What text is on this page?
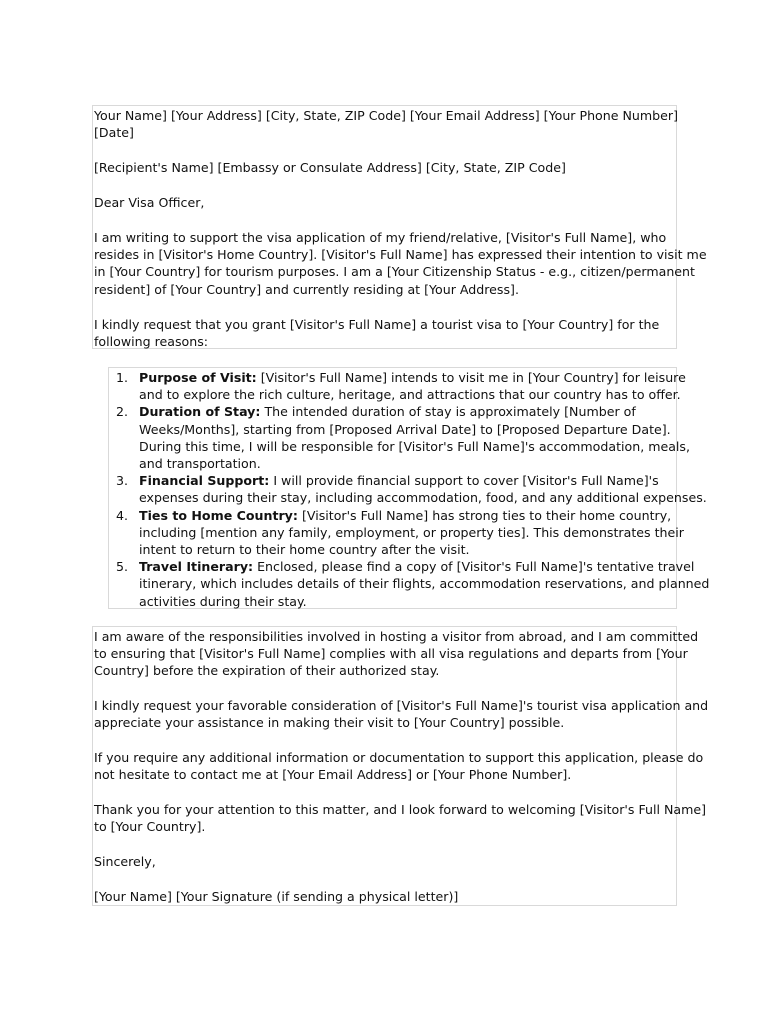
Your Name] [Your Address] [City, State, ZIP Code] [Your Email Address] [Your Phone Number]
[Date]

[Recipient's Name] [Embassy or Consulate Address] [City, State, ZIP Code]

Dear Visa Officer,

I am writing to support the visa application of my friend/relative, [Visitor's Full Name], who
resides in [Visitor's Home Country]. [Visitor's Full Name] has expressed their intention to visit me
in [Your Country] for tourism purposes. I am a [Your Citizenship Status - e.g., citizen/permanent
resident] of [Your Country] and currently residing at [Your Address].

I kindly request that you grant [Visitor's Full Name] a tourist visa to [Your Country] for the
following reasons:

1. Purpose of Visit: [Visitor's Full Name] intends to visit me in [Your Country] for leisure
and to explore the rich culture, heritage, and attractions that our country has to offer.
2. Duration of Stay: The intended duration of stay is approximately [Number of
Weeks/Months], starting from [Proposed Arrival Date] to [Proposed Departure Date].
During this time, I will be responsible for [Visitor's Full Name]'s accommodation, meals,
and transportation.
3. Financial Support: I will provide financial support to cover [Visitor's Full Name]'s
expenses during their stay, including accommodation, food, and any additional expenses.
4. Ties to Home Country: [Visitor's Full Name] has strong ties to their home country,
including [mention any family, employment, or property ties]. This demonstrates their
intent to return to their home country after the visit.
5. Travel Itinerary: Enclosed, please find a copy of [Visitor's Full Name]'s tentative travel
itinerary, which includes details of their flights, accommodation reservations, and planned
activities during their stay.

I am aware of the responsibilities involved in hosting a visitor from abroad, and I am committed
to ensuring that [Visitor's Full Name] complies with all visa regulations and departs from [Your
Country] before the expiration of their authorized stay.

I kindly request your favorable consideration of [Visitor's Full Name]'s tourist visa application and
appreciate your assistance in making their visit to [Your Country] possible.

If you require any additional information or documentation to support this application, please do
not hesitate to contact me at [Your Email Address] or [Your Phone Number].

Thank you for your attention to this matter, and I look forward to welcoming [Visitor's Full Name]
to [Your Country].

Sincerely,

[Your Name] [Your Signature (if sending a physical letter)]
